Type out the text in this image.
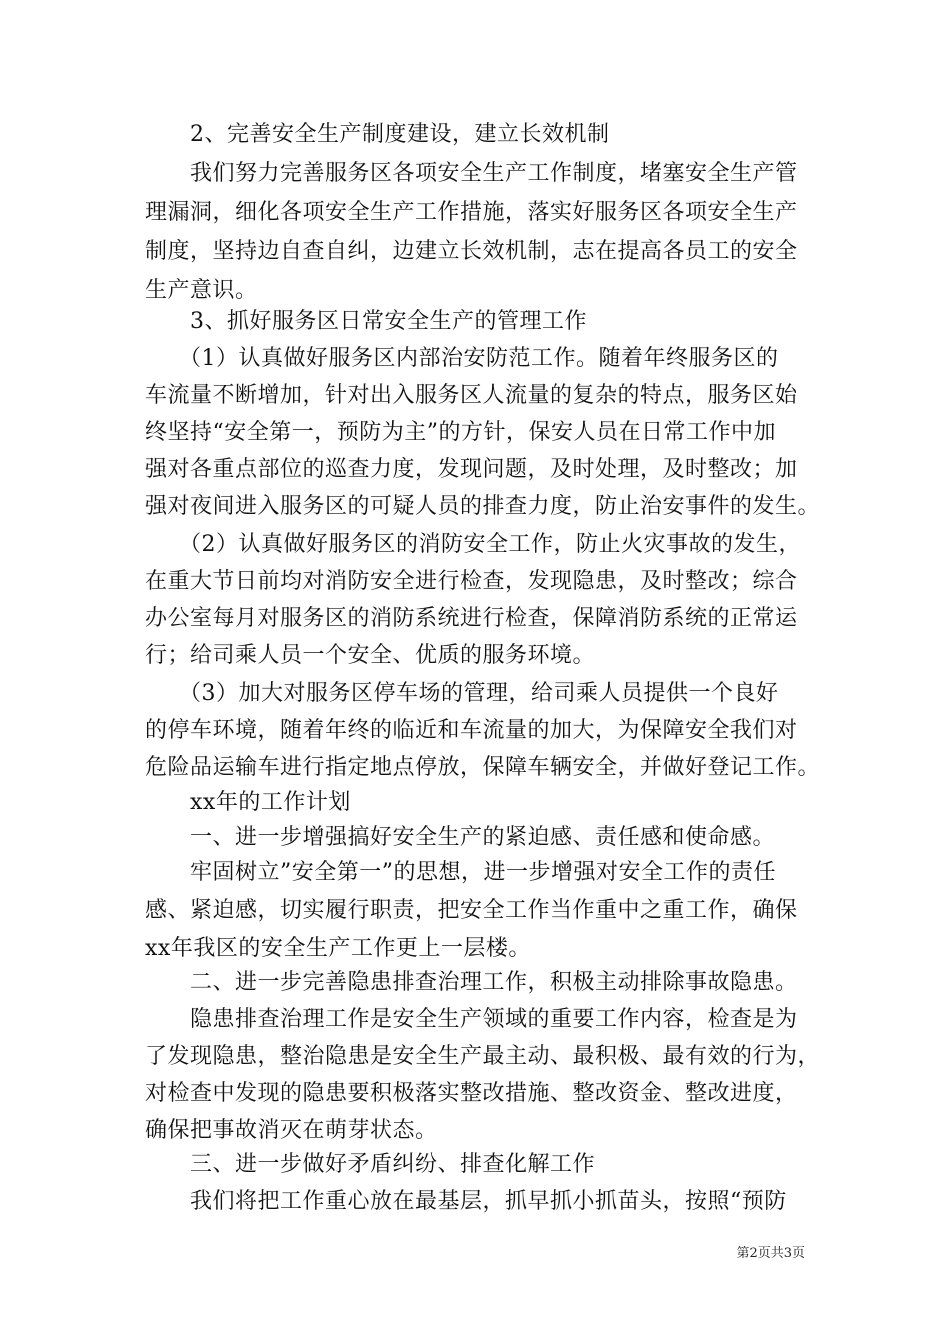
　　2、完善安全生产制度建设，建立长效机制
　　我们努力完善服务区各项安全生产工作制度，堵塞安全生产管
理漏洞，细化各项安全生产工作措施，落实好服务区各项安全生产
制度，坚持边自查自纠，边建立长效机制，志在提高各员工的安全
生产意识。
　　3、抓好服务区日常安全生产的管理工作
　　（1）认真做好服务区内部治安防范工作。随着年终服务区的
车流量不断增加，针对出入服务区人流量的复杂的特点，服务区始
终坚持“安全第一，预防为主”的方针，保安人员在日常工作中加
强对各重点部位的巡查力度，发现问题，及时处理，及时整改；加
强对夜间进入服务区的可疑人员的排查力度，防止治安事件的发生。
　　（2）认真做好服务区的消防安全工作，防止火灾事故的发生，
在重大节日前均对消防安全进行检查，发现隐患，及时整改；综合
办公室每月对服务区的消防系统进行检查，保障消防系统的正常运
行；给司乘人员一个安全、优质的服务环境。
　　（3）加大对服务区停车场的管理，给司乘人员提供一个良好
的停车环境，随着年终的临近和车流量的加大，为保障安全我们对
危险品运输车进行指定地点停放，保障车辆安全，并做好登记工作。
　　xx年的工作计划
　　一、进一步增强搞好安全生产的紧迫感、责任感和使命感。
　　牢固树立”安全第一”的思想，进一步增强对安全工作的责任
感、紧迫感，切实履行职责，把安全工作当作重中之重工作，确保
xx年我区的安全生产工作更上一层楼。
　　二、进一步完善隐患排查治理工作，积极主动排除事故隐患。
　　隐患排查治理工作是安全生产领域的重要工作内容，检查是为
了发现隐患，整治隐患是安全生产最主动、最积极、最有效的行为，
对检查中发现的隐患要积极落实整改措施、整改资金、整改进度，
确保把事故消灭在萌芽状态。
　　三、进一步做好矛盾纠纷、排查化解工作
　　我们将把工作重心放在最基层，抓早抓小抓苗头，按照“预防
第2页共3页
